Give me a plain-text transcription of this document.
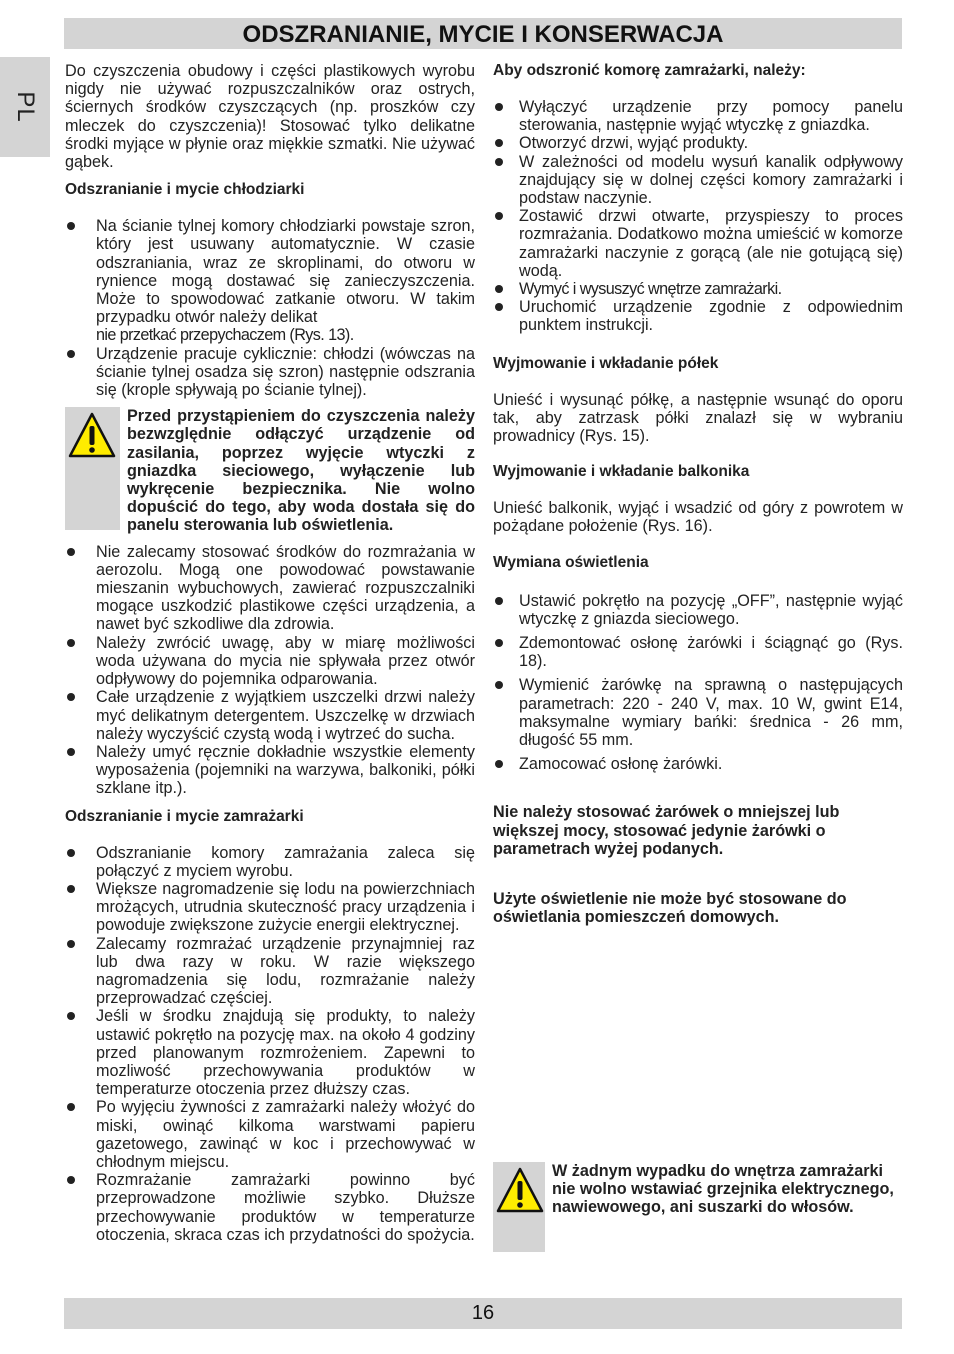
PL
ODSZRANIANIE, MYCIE I KONSERWACJA

Do czyszczenia obudowy i części plastikowych wyrobu nigdy nie używać rozpuszczalników oraz ostrych, ściernych środków czyszczących (np. proszków czy mleczek do czyszczenia)! Stosować tylko delikatne środki myjące w płynie oraz miękkie szmatki. Nie używać gąbek.

Odszranianie i mycie chłodziarki

Na ścianie tylnej komory chłodziarki powstaje szron, który jest usuwany automatycznie. W czasie odszraniania, wraz ze skroplinami, do otworu w rynience mogą dostawać się zanieczyszczenia. Może to spowodować zatkanie otworu. W takim przypadku otwór należy delikat
nie przetkać przepychaczem (Rys. 13).
Urządzenie pracuje cyklicznie: chłodzi (wówczas na ścianie tylnej osadza się szron) następnie odszrania się (krople spływają po ścianie tylnej).

Przed przystąpieniem do czyszczenia należy bezwzględnie odłączyć urządzenie od zasilania, poprzez wyjęcie wtyczki z gniazdka sieciowego, wyłączenie lub wykręcenie bezpiecznika. Nie wolno dopuścić do tego, aby woda dostała się do panelu sterowania lub oświetlenia.

Nie zalecamy stosować środków do rozmrażania w aerozolu. Mogą one powodować powstawanie mieszanin wybuchowych, zawierać rozpuszczalniki mogące uszkodzić plastikowe części urządzenia, a nawet być szkodliwe dla zdrowia.
Należy zwrócić uwagę, aby w miarę możliwości woda używana do mycia nie spływała przez otwór odpływowy do pojemnika odparowania.
Całe urządzenie z wyjątkiem uszczelki drzwi należy myć delikatnym detergentem. Uszczelkę w drzwiach należy wyczyścić czystą wodą i wytrzeć do sucha.
Należy umyć ręcznie dokładnie wszystkie elementy wyposażenia (pojemniki na warzywa, balkoniki, półki szklane itp.).

Odszranianie i mycie zamrażarki

Odszranianie komory zamrażania zaleca się połączyć z myciem wyrobu.
Większe nagromadzenie się lodu na powierzchniach mrożących, utrudnia skuteczność pracy urządzenia i powoduje zwiększone zużycie energii elektrycznej.
Zalecamy rozmrażać urządzenie przynajmniej raz lub dwa razy w roku. W razie większego nagromadzenia się lodu, rozmrażanie należy przeprowadzać częściej.
Jeśli w środku znajdują się produkty, to należy ustawić pokrętło na pozycję max. na około 4 godziny przed planowanym rozmrożeniem. Zapewni to mozliwość przechowywania produktów w temperaturze otoczenia przez dłuższy czas.
Po wyjęciu żywności z zamrażarki należy włożyć do miski, owinąć kilkoma warstwami papieru gazetowego, zawinąć w koc i przechowywać w chłodnym miejscu.
Rozmrażanie zamrażarki powinno być przeprowadzone możliwie szybko. Dłuższe przechowywanie produktów w temperaturze otoczenia, skraca czas ich przydatności do spożycia.

Aby odszronić komorę zamrażarki, należy:

Wyłączyć urządzenie przy pomocy panelu sterowania, następnie wyjąć wtyczkę z gniazdka.
Otworzyć drzwi, wyjąć produkty.
W zależności od modelu wysuń kanalik odpływowy znajdujący się w dolnej części komory zamrażarki i podstaw naczynie.
Zostawić drzwi otwarte, przyspieszy to proces rozmrażania. Dodatkowo można umieścić w komorze zamrażarki naczynie z gorącą (ale nie gotującą się) wodą.
Wymyć i wysuszyć wnętrze zamrażarki.
Uruchomić urządzenie zgodnie z odpowiednim punktem instrukcji.

Wyjmowanie i wkładanie półek

Unieść i wysunąć półkę, a następnie wsunąć do oporu tak, aby zatrzask półki znalazł się w wybraniu prowadnicy (Rys. 15).

Wyjmowanie i wkładanie balkonika

Unieść balkonik, wyjąć i wsadzić od góry z powrotem w pożądane położenie (Rys. 16).

Wymiana oświetlenia

Ustawić pokrętło na pozycję „OFF”, następnie wyjąć wtyczkę z gniazda sieciowego.
Zdemontować osłonę żarówki i ściągnąć go (Rys. 18).
Wymienić żarówkę na sprawną o następujących parametrach: 220 - 240 V, max. 10 W, gwint E14, maksymalne wymiary bańki: średnica - 26 mm, długość 55 mm.
Zamocować osłonę żarówki.

Nie należy stosować żarówek o mniejszej lub większej mocy, stosować jedynie żarówki o parametrach wyżej podanych.

Użyte oświetlenie nie może być stosowane do oświetlania pomieszczeń domowych.

W żadnym wypadku do wnętrza zamrażarki nie wolno wstawiać grzejnika elektrycznego, nawiewowego, ani suszarki do włosów.

16
